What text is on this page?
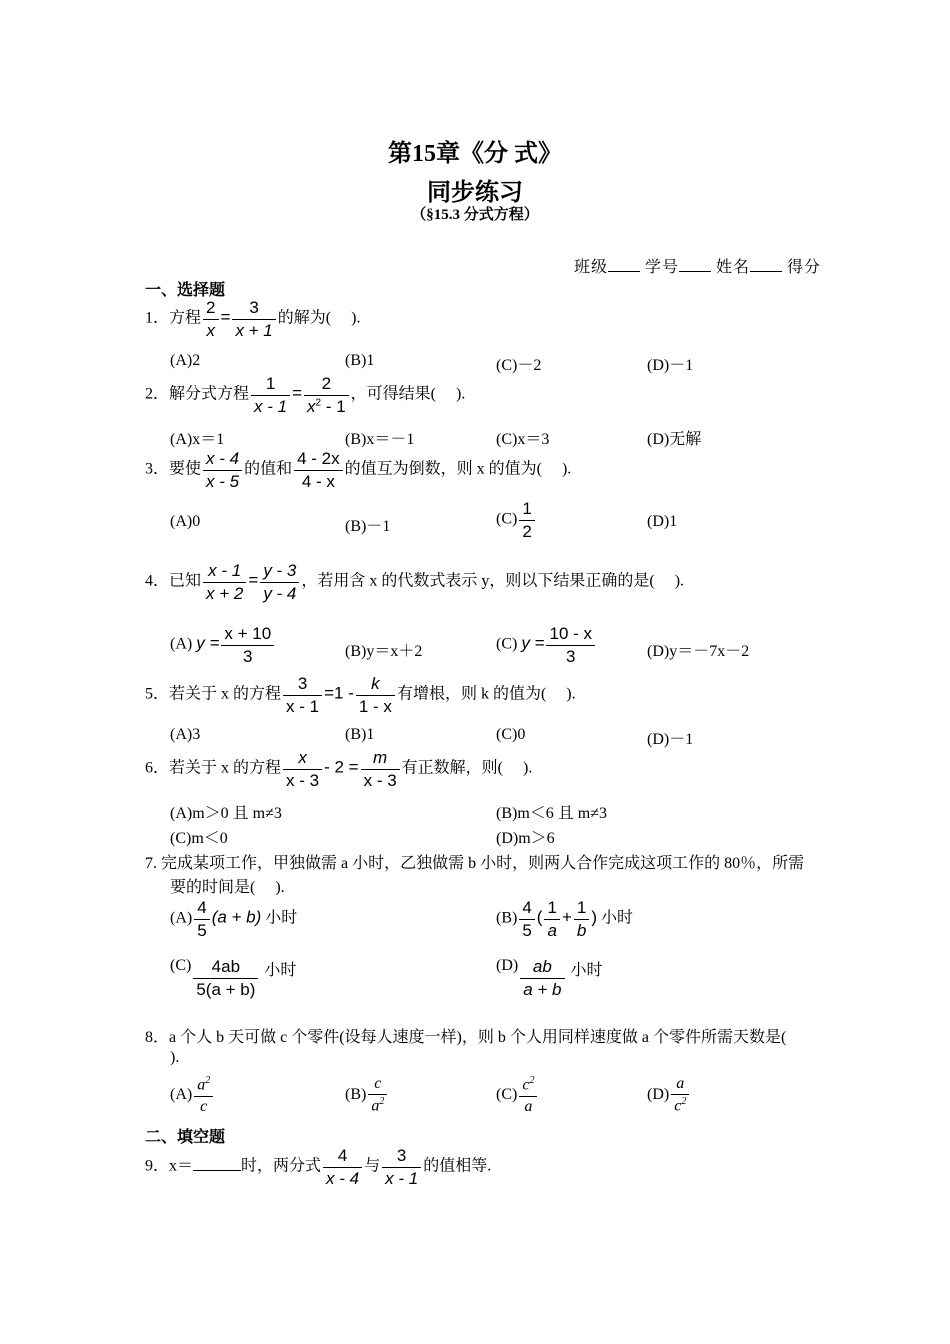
第15章《分 式》
同步练习
（§15.3 分式方程）
班级 学号 姓名 得分
一、选择题
1．方程 $\frac{2}{x} = \frac{3}{x + 1}$ 的解为(　 ).
(A)2	(B)1	(C)－2	(D)－1
2．解分式方程 $\frac{1}{x - 1} = \frac{2}{x^2 - 1}$ ，可得结果(　 ).
(A)x＝1	(B)x＝－1	(C)x＝3	(D)无解
3．要使 $\frac{x - 4}{x - 5}$ 的值和 $\frac{4 - 2x}{4 - x}$ 的值互为倒数，则 x 的值为(　 ).
(A)0	(B)－1	$(C) \frac{1}{2}$	(D)1
4．已知 $\frac{x - 1}{x + 2} = \frac{y - 3}{y - 4}$ ，若用含 x 的代数式表示 y，则以下结果正确的是(　 ).
(A) $y = \frac{x + 10}{3}$	(B)y＝x＋2	(C) $y = \frac{10 - x}{3}$	(D)y＝－7x－2
5．若关于 x 的方程 $\frac{3}{x - 1} =1 - \frac{k}{1 - x}$ 有增根，则 k 的值为(　 ).
(A)3	(B)1	(C)0	(D)－1
6．若关于 x 的方程 $\frac{x}{x - 3} - 2 = \frac{m}{x - 3}$ 有正数解，则(　 ).
(A)m＞0 且 m≠3	(B)m＜6 且 m≠3
(C)m＜0	(D)m＞6
7. 完成某项工作，甲独做需 a 小时，乙独做需 b 小时，则两人合作完成这项工作的 80％，所需
要的时间是(　 ).
$(A) \frac{4}{5} (a + b)$ 小时	$(B) \frac{4}{5}$ ( $\frac{1}{a} + \frac{1}{b}$ ) 小时
$(C) \frac{4ab}{5(a + b)}$ 小时	$(D) \frac{ab}{a + b}$ 小时
8．a 个人 b 天可做 c 个零件(设每人速度一样)，则 b 个人用同样速度做 a 个零件所需天数是(
).
$(A) \frac{a^2}{c}$	$(B) \frac{c}{a^2}$	$(C) \frac{c^2}{a}$	$(D) \frac{a}{c^2}$
二、填空题
9．x＝	时，两分式 $\frac{4}{x - 4}$ 与 $\frac{3}{x - 1}$ 的值相等.
